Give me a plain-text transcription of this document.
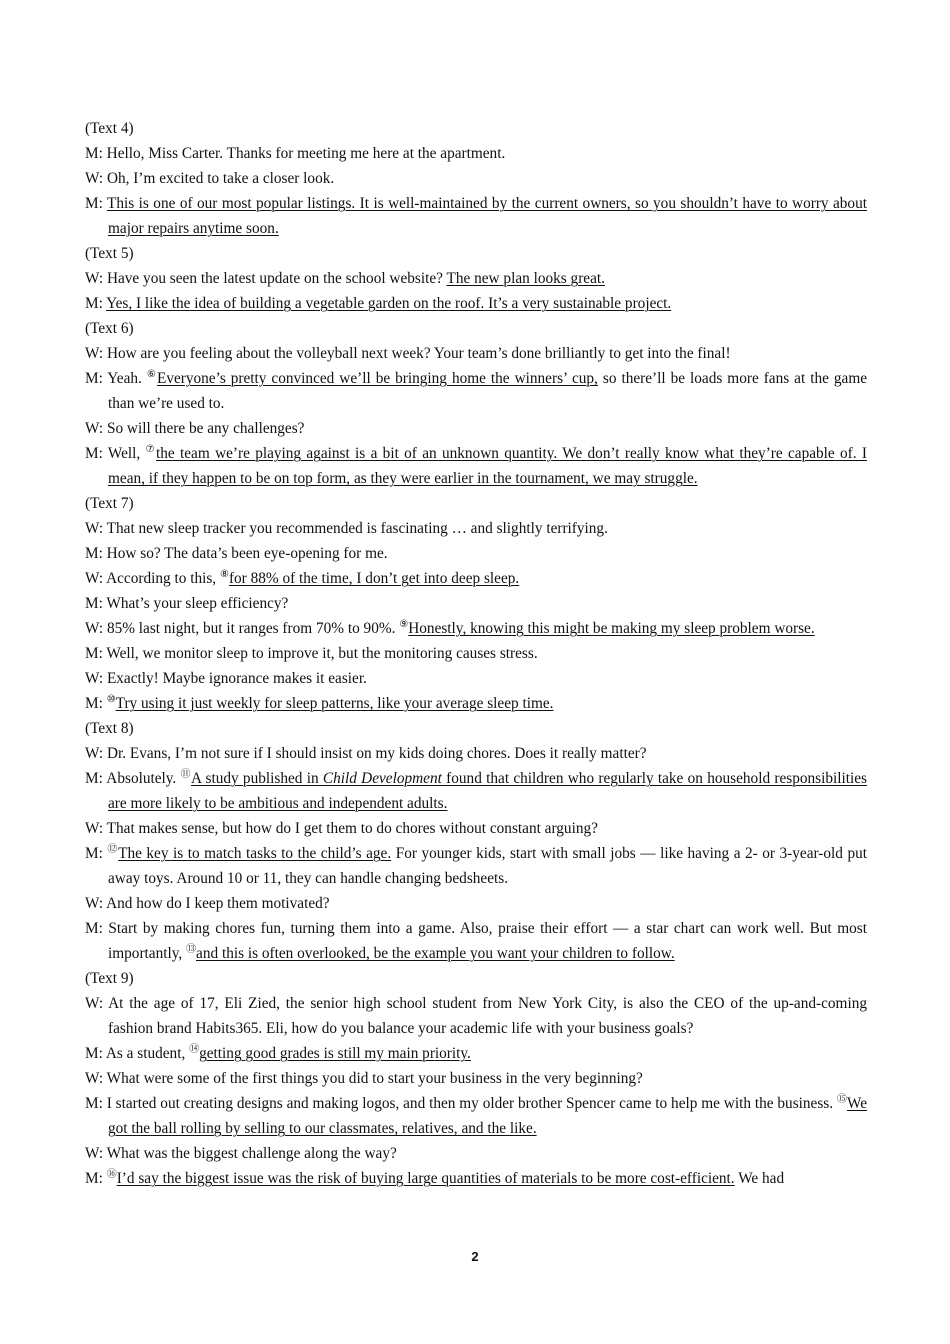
(Text 4)
M: Hello, Miss Carter. Thanks for meeting me here at the apartment.
W: Oh, I’m excited to take a closer look.
M: This is one of our most popular listings. It is well-maintained by the current owners, so you shouldn’t have to worry about major repairs anytime soon.
(Text 5)
W: Have you seen the latest update on the school website? The new plan looks great.
M: Yes, I like the idea of building a vegetable garden on the roof. It’s a very sustainable project.
(Text 6)
W: How are you feeling about the volleyball next week? Your team’s done brilliantly to get into the final!
M: Yeah. ⑥Everyone’s pretty convinced we’ll be bringing home the winners’ cup, so there’ll be loads more fans at the game than we’re used to.
W: So will there be any challenges?
M: Well, ⑦the team we’re playing against is a bit of an unknown quantity. We don’t really know what they’re capable of. I mean, if they happen to be on top form, as they were earlier in the tournament, we may struggle.
(Text 7)
W: That new sleep tracker you recommended is fascinating … and slightly terrifying.
M: How so? The data’s been eye-opening for me.
W: According to this, ⑧for 88% of the time, I don’t get into deep sleep.
M: What’s your sleep efficiency?
W: 85% last night, but it ranges from 70% to 90%. ⑨Honestly, knowing this might be making my sleep problem worse.
M: Well, we monitor sleep to improve it, but the monitoring causes stress.
W: Exactly! Maybe ignorance makes it easier.
M: ⑩Try using it just weekly for sleep patterns, like your average sleep time.
(Text 8)
W: Dr. Evans, I’m not sure if I should insist on my kids doing chores. Does it really matter?
M: Absolutely. ⑪A study published in Child Development found that children who regularly take on household responsibilities are more likely to be ambitious and independent adults.
W: That makes sense, but how do I get them to do chores without constant arguing?
M: ⑫The key is to match tasks to the child’s age. For younger kids, start with small jobs — like having a 2- or 3-year-old put away toys. Around 10 or 11, they can handle changing bedsheets.
W: And how do I keep them motivated?
M: Start by making chores fun, turning them into a game. Also, praise their effort — a star chart can work well. But most importantly, ⑬and this is often overlooked, be the example you want your children to follow.
(Text 9)
W: At the age of 17, Eli Zied, the senior high school student from New York City, is also the CEO of the up-and-coming fashion brand Habits365. Eli, how do you balance your academic life with your business goals?
M: As a student, ⑭getting good grades is still my main priority.
W: What were some of the first things you did to start your business in the very beginning?
M: I started out creating designs and making logos, and then my older brother Spencer came to help me with the business. ⑮We got the ball rolling by selling to our classmates, relatives, and the like.
W: What was the biggest challenge along the way?
M: ⑯I’d say the biggest issue was the risk of buying large quantities of materials to be more cost-efficient. We had
2
